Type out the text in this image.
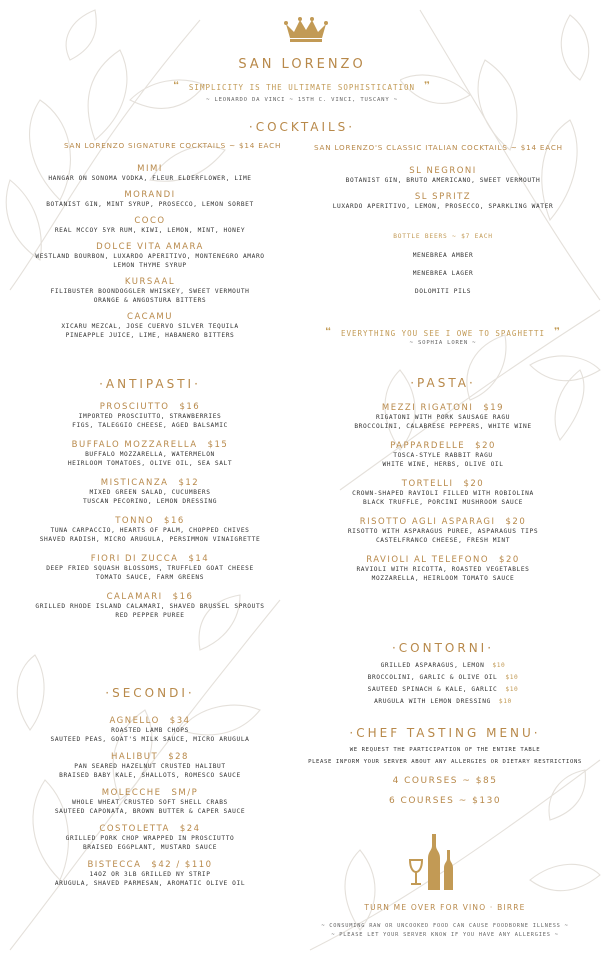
SAN LORENZO
❝ SIMPLICITY IS THE ULTIMATE SOPHISTICATION ❞
~ LEONARDO DA VINCI ~ 15TH C. VINCI, TUSCANY ~
·COCKTAILS·
SAN LORENZO SIGNATURE COCKTAILS ~ $14 EACH	SAN LORENZO'S CLASSIC ITALIAN COCKTAILS ~ $14 EACH
MIMI
HANGAR ON SONOMA VODKA, FLEUR ELDERFLOWER, LIME
MORANDI
BOTANIST GIN, MINT SYRUP, PROSECCO, LEMON SORBET
COCO
REAL MCCOY 5YR RUM, KIWI, LEMON, MINT, HONEY
DOLCE VITA AMARA
WESTLAND BOURBON, LUXARDO APERITIVO, MONTENEGRO AMARO
LEMON THYME SYRUP
KURSAAL
FILIBUSTER BOONDOGGLER WHISKEY, SWEET VERMOUTH
ORANGE & ANGOSTURA BITTERS
CACAMU
XICARU MEZCAL, JOSE CUERVO SILVER TEQUILA
PINEAPPLE JUICE, LIME, HABANERO BITTERS
SL NEGRONI
BOTANIST GIN, BRUTO AMERICANO, SWEET VERMOUTH
SL SPRITZ
LUXARDO APERITIVO, LEMON, PROSECCO, SPARKLING WATER
BOTTLE BEERS ~ $7 EACH
MENEBREA AMBER
MENEBREA LAGER
DOLOMITI PILS
❝ EVERYTHING YOU SEE I OWE TO SPAGHETTI ❞
~ SOPHIA LOREN ~
·ANTIPASTI·
PROSCIUTTO $16
IMPORTED PROSCIUTTO, STRAWBERRIES
FIGS, TALEGGIO CHEESE, AGED BALSAMIC
BUFFALO MOZZARELLA $15
BUFFALO MOZZARELLA, WATERMELON
HEIRLOOM TOMATOES, OLIVE OIL, SEA SALT
MISTICANZA $12
MIXED GREEN SALAD, CUCUMBERS
TUSCAN PECORINO, LEMON DRESSING
TONNO $16
TUNA CARPACCIO, HEARTS OF PALM, CHOPPED CHIVES
SHAVED RADISH, MICRO ARUGULA, PERSIMMON VINAIGRETTE
FIORI DI ZUCCA $14
DEEP FRIED SQUASH BLOSSOMS, TRUFFLED GOAT CHEESE
TOMATO SAUCE, FARM GREENS
CALAMARI $16
GRILLED RHODE ISLAND CALAMARI, SHAVED BRUSSEL SPROUTS
RED PEPPER PUREE
·SECONDI·
AGNELLO $34
ROASTED LAMB CHOPS
SAUTEED PEAS, GOAT'S MILK SAUCE, MICRO ARUGULA
HALIBUT $28
PAN SEARED HAZELNUT CRUSTED HALIBUT
BRAISED BABY KALE, SHALLOTS, ROMESCO SAUCE
MOLECCHE SM/P
WHOLE WHEAT CRUSTED SOFT SHELL CRABS
SAUTEED CAPONATA, BROWN BUTTER & CAPER SAUCE
COSTOLETTA $24
GRILLED PORK CHOP WRAPPED IN PROSCIUTTO
BRAISED EGGPLANT, MUSTARD SAUCE
BISTECCA $42 / $110
14OZ OR 3LB GRILLED NY STRIP
ARUGULA, SHAVED PARMESAN, AROMATIC OLIVE OIL
·PASTA·
MEZZI RIGATONI $19
RIGATONI WITH PORK SAUSAGE RAGU
BROCCOLINI, CALABRESE PEPPERS, WHITE WINE
PAPPARDELLE $20
TOSCA-STYLE RABBIT RAGU
WHITE WINE, HERBS, OLIVE OIL
TORTELLI $20
CROWN-SHAPED RAVIOLI FILLED WITH ROBIOLINA
BLACK TRUFFLE, PORCINI MUSHROOM SAUCE
RISOTTO AGLI ASPARAGI $20
RISOTTO WITH ASPARAGUS PUREE, ASPARAGUS TIPS
CASTELFRANCO CHEESE, FRESH MINT
RAVIOLI AL TELEFONO $20
RAVIOLI WITH RICOTTA, ROASTED VEGETABLES
MOZZARELLA, HEIRLOOM TOMATO SAUCE
·CONTORNI·
GRILLED ASPARAGUS, LEMON $10
BROCCOLINI, GARLIC & OLIVE OIL $10
SAUTEED SPINACH & KALE, GARLIC $10
ARUGULA WITH LEMON DRESSING $10
·CHEF TASTING MENU·
WE REQUEST THE PARTICIPATION OF THE ENTIRE TABLE
PLEASE INFORM YOUR SERVER ABOUT ANY ALLERGIES OR DIETARY RESTRICTIONS
4 COURSES ~ $85
6 COURSES ~ $130
TURN ME OVER FOR VINO · BIRRE
~ CONSUMING RAW OR UNCOOKED FOOD CAN CAUSE FOODBORNE ILLNESS ~
~ PLEASE LET YOUR SERVER KNOW IF YOU HAVE ANY ALLERGIES ~
